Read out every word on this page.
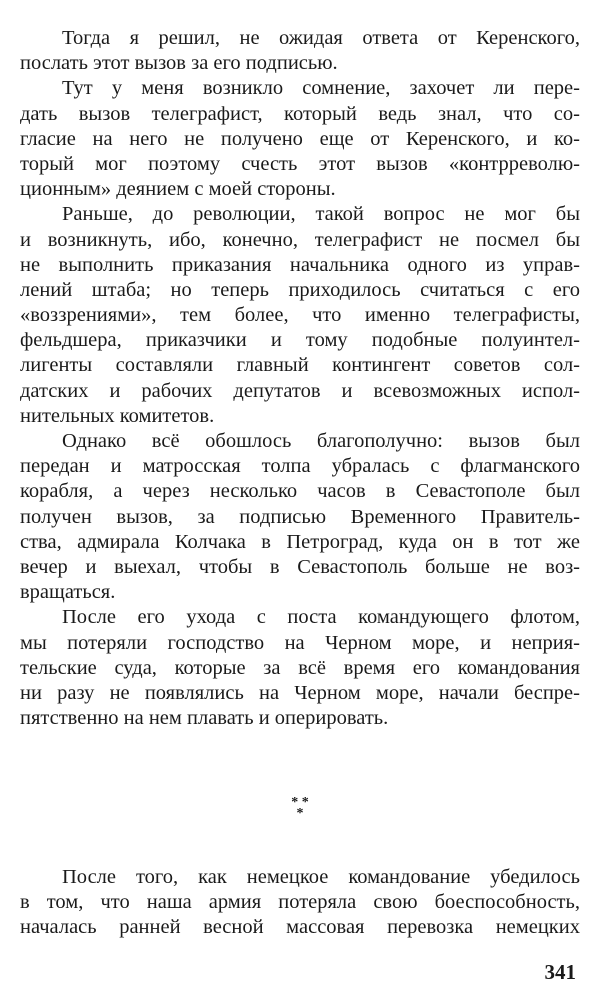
Тогда я решил, не ожидая ответа от Керенского,
послать этот вызов за его подписью.

Тут у меня возникло сомнение, захочет ли пере-
дать вызов телеграфист, который ведь знал, что со-
гласие на него не получено еще от Керенского, и ко-
торый мог поэтому счесть этот вызов «контрреволю-
ционным» деянием с моей стороны.

Раньше, до революции, такой вопрос не мог бы
и возникнуть, ибо, конечно, телеграфист не посмел бы
не выполнить приказания начальника одного из управ-
лений штаба; но теперь приходилось считаться с его
«воззрениями», тем более, что именно телеграфисты,
фельдшера, приказчики и тому подобные полуинтел-
лигенты составляли главный контингент советов сол-
датских и рабочих депутатов и всевозможных испол-
нительных комитетов.

Однако всё обошлось благополучно: вызов был
передан и матросская толпа убралась с флагманского
корабля, а через несколько часов в Севастополе был
получен вызов, за подписью Временного Правитель-
ства, адмирала Колчака в Петроград, куда он в тот же
вечер и выехал, чтобы в Севастополь больше не воз-
вращаться.

После его ухода с поста командующего флотом,
мы потеряли господство на Черном море, и неприя-
тельские суда, которые за всё время его командования
ни разу не появлялись на Черном море, начали беспре-
пятственно на нем плавать и оперировать.

* *
*

После того, как немецкое командование убедилось
в том, что наша армия потеряла свою боеспособность,
началась ранней весной массовая перевозка немецких

341
